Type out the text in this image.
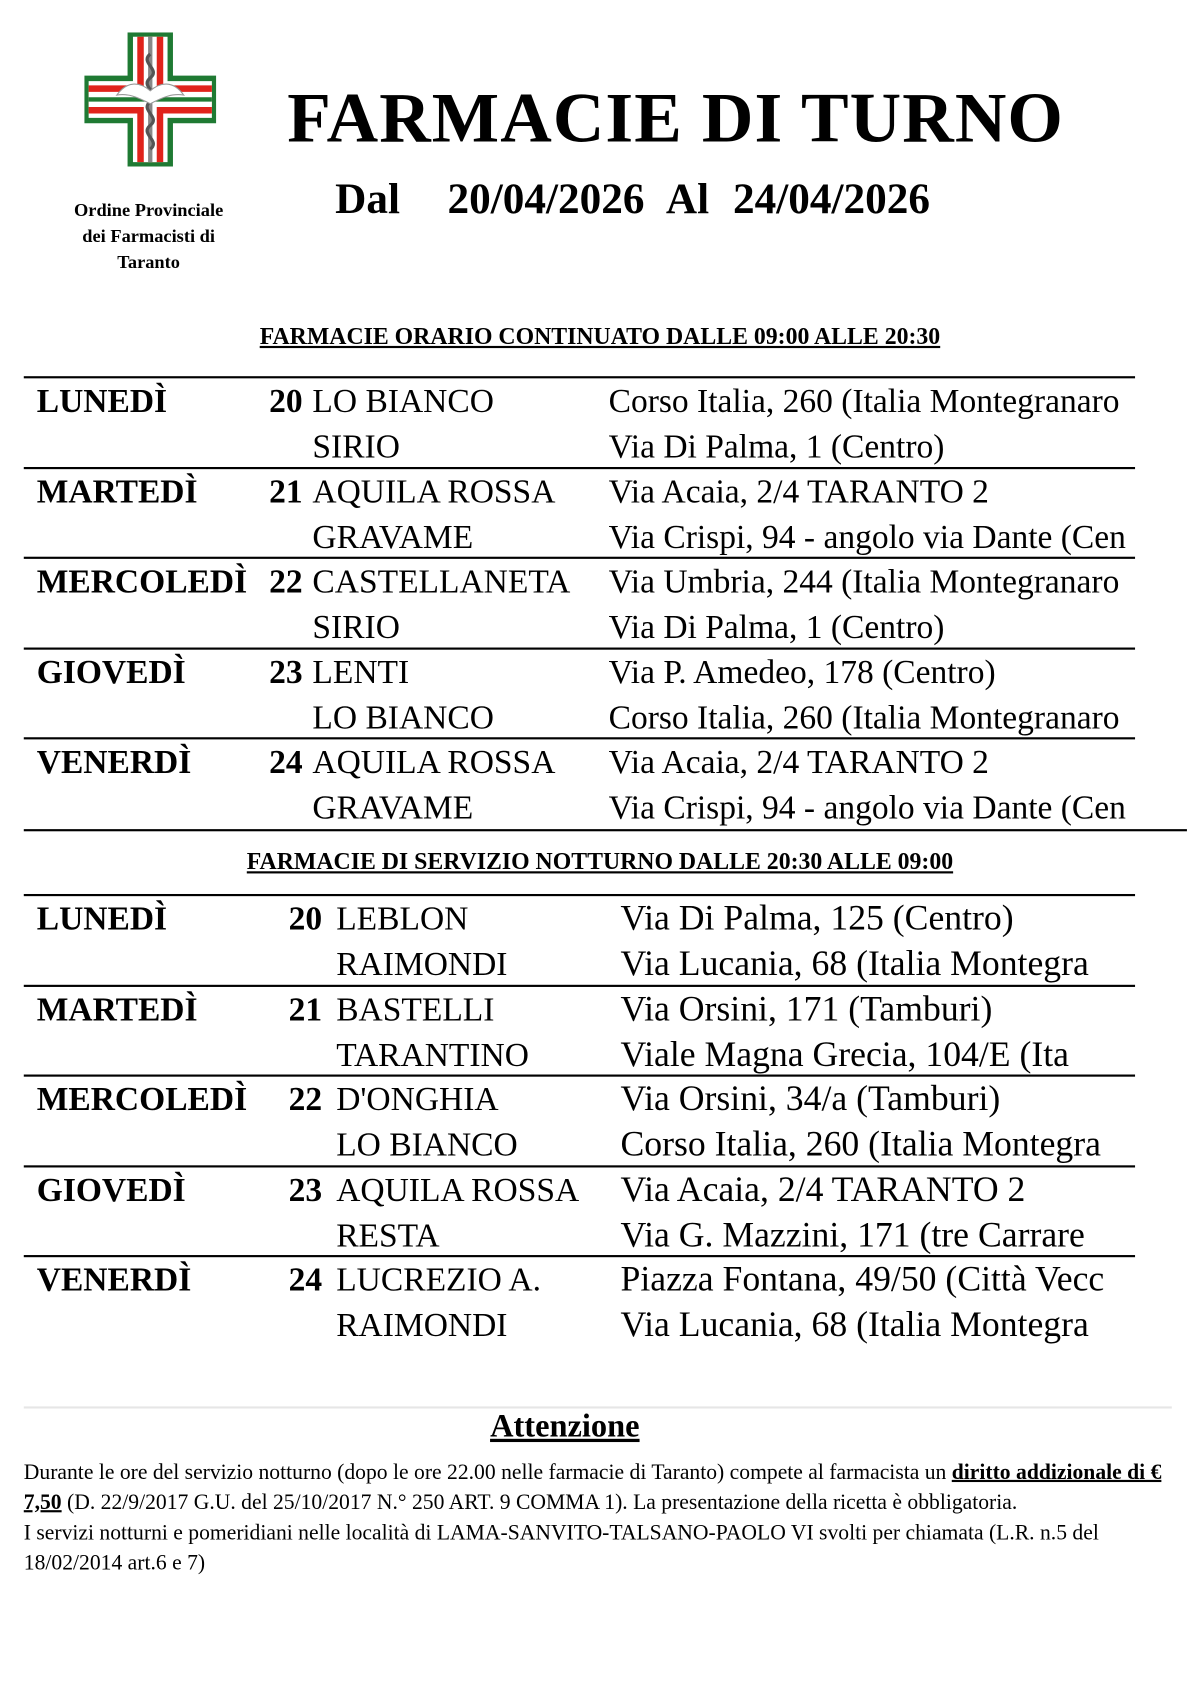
Ordine Provinciale
dei Farmacisti di
Taranto
FARMACIE DI TURNO
Dal 20/04/2026 Al 24/04/2026
FARMACIE ORARIO CONTINUATO DALLE 09:00 ALLE 20:30
LUNEDÌ	20 LO BIANCO	Corso Italia, 260 (Italia Montegranaro
SIRIO	Via Di Palma, 1 (Centro)
MARTEDÌ	21 AQUILA ROSSA Via Acaia, 2/4 TARANTO 2
GRAVAME	Via Crispi, 94 - angolo via Dante (Cen
MERCOLEDÌ 22 CASTELLANETA Via Umbria, 244 (Italia Montegranaro
SIRIO	Via Di Palma, 1 (Centro)
GIOVEDÌ	23 LENTI	Via P. Amedeo, 178 (Centro)
LO BIANCO	Corso Italia, 260 (Italia Montegranaro
VENERDÌ	24 AQUILA ROSSA Via Acaia, 2/4 TARANTO 2
GRAVAME	Via Crispi, 94 - angolo via Dante (Cen
FARMACIE DI SERVIZIO NOTTURNO DALLE 20:30 ALLE 09:00
LUNEDÌ	20 LEBLON	Via Di Palma, 125 (Centro)
RAIMONDI	Via Lucania, 68 (Italia Montegra
MARTEDÌ	21 BASTELLI	Via Orsini, 171 (Tamburi)
TARANTINO	Viale Magna Grecia, 104/E (Ita
MERCOLEDÌ	22 D'ONGHIA	Via Orsini, 34/a (Tamburi)
LO BIANCO	Corso Italia, 260 (Italia Montegra
GIOVEDÌ	23 AQUILA ROSSA Via Acaia, 2/4 TARANTO 2
RESTA	Via G. Mazzini, 171 (tre Carrare
VENERDÌ	24 LUCREZIO A. Piazza Fontana, 49/50 (Città Vecc
RAIMONDI	Via Lucania, 68 (Italia Montegra
Attenzione

Durante le ore del servizio notturno (dopo le ore 22.00 nelle farmacie di Taranto) compete al farmacista un diritto addizionale di € 7,50 (D. 22/9/2017 G.U. del 25/10/2017 N.° 250 ART. 9 COMMA 1). La presentazione della ricetta è obbligatoria.

I servizi notturni e pomeridiani nelle località di LAMA-SANVITO-TALSANO-PAOLO VI svolti per chiamata (L.R. n.5 del 18/02/2014 art.6 e 7)
